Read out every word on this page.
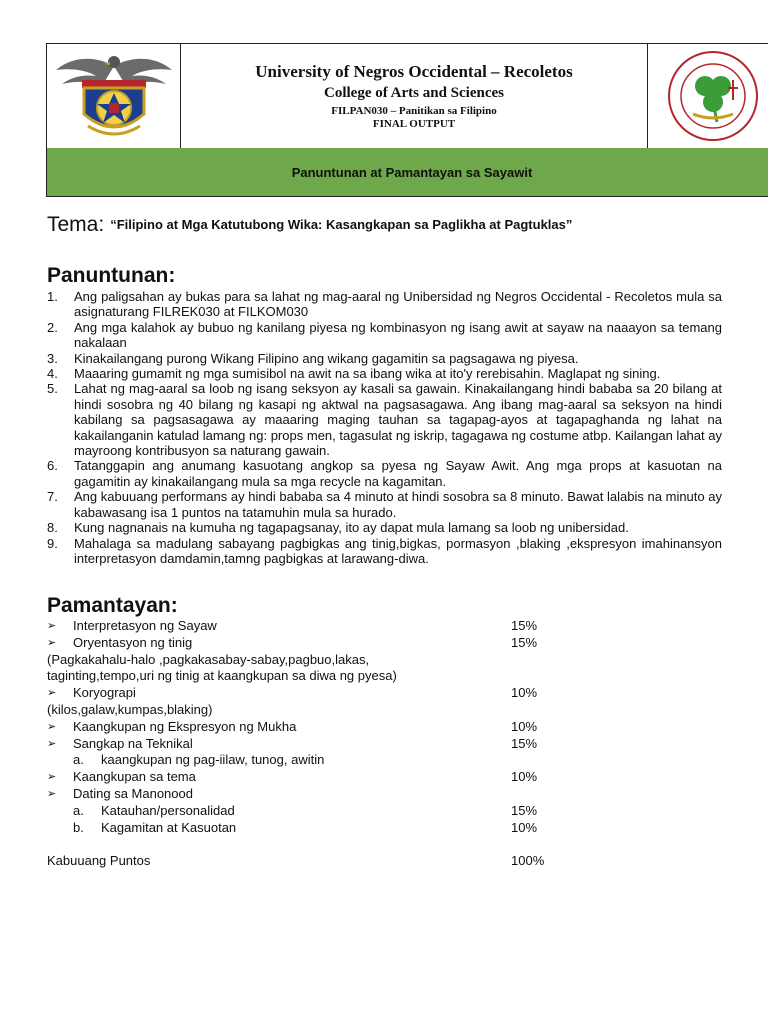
University of Negros Occidental – Recoletos
College of Arts and Sciences
FILPAN030 – Panitikan sa Filipino
FINAL OUTPUT
Panuntunan at Pamantayan sa Sayawit
Tema: “Filipino at Mga Katutubong Wika: Kasangkapan sa Paglikha at Pagtuklas”
Panuntunan:
1. Ang paligsahan ay bukas para sa lahat ng mag-aaral ng Unibersidad ng Negros Occidental - Recoletos mula sa asignaturang FILREK030 at FILKOM030
2. Ang mga kalahok ay bubuo ng kanilang piyesa ng kombinasyon ng isang awit at sayaw na naaayon sa temang nakalaan
3. Kinakailangang purong Wikang Filipino ang wikang gagamitin sa pagsagawa ng piyesa.
4. Maaaring gumamit ng mga sumisibol na awit na sa ibang wika at ito'y rerebisahin. Maglapat ng sining.
5. Lahat ng mag-aaral sa loob ng isang seksyon ay kasali sa gawain. Kinakailangang hindi bababa sa 20 bilang at hindi sosobra ng 40 bilang ng kasapi ng aktwal na pagsasagawa. Ang ibang mag-aaral sa seksyon na hindi kabilang sa pagsasagawa ay maaaring maging tauhan sa tagapag-ayos at tagapaghanda ng lahat na kakailanganin katulad lamang ng: props men, tagasulat ng iskrip, tagagawa ng costume atbp. Kailangan lahat ay mayroong kontribusyon sa naturang gawain.
6. Tatanggapin ang anumang kasuotang angkop sa pyesa ng Sayaw Awit. Ang mga props at kasuotan na gagamitin ay kinakailangang mula sa mga recycle na kagamitan.
7. Ang kabuuang performans ay hindi bababa sa 4 minuto at hindi sosobra sa 8 minuto. Bawat lalabis na minuto ay kabawasang isa 1 puntos na tatamuhin mula sa hurado.
8. Kung nagnanais na kumuha ng tagapagsanay, ito ay dapat mula lamang sa loob ng unibersidad.
9. Mahalaga sa madulang sabayang pagbigkas ang tinig,bigkas, pormasyon ,blaking ,ekspresyon imahinansyon interpretasyon damdamin,tamng pagbigkas at larawang-diwa.
Pamantayan:
➢ Interpretasyon ng Sayaw	15%
➢ Oryentasyon ng tinig	15%
(Pagkakahalu-halo ,pagkakasabay-sabay,pagbuo,lakas,
taginting,tempo,uri ng tinig at kaangkupan sa diwa ng pyesa)
➢ Koryograpi	10%
(kilos,galaw,kumpas,blaking)
➢ Kaangkupan ng Ekspresyon ng Mukha	10%
➢ Sangkap na Teknikal	15%
a. kaangkupan ng pag-iilaw, tunog, awitin
➢ Kaangkupan sa tema	10%
➢ Dating sa Manonood
a. Katauhan/personalidad	15%
b. Kagamitan at Kasuotan	10%
Kabuuang Puntos	100%
